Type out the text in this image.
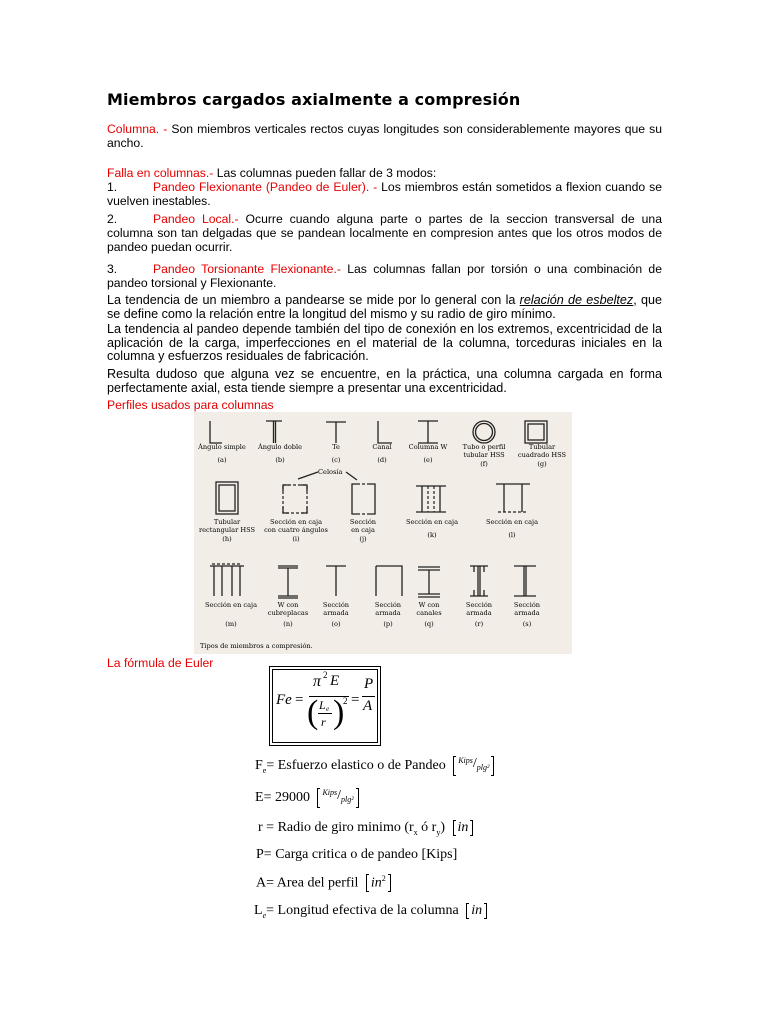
Miembros cargados axialmente a compresión
Columna. - Son miembros verticales rectos cuyas longitudes son considerablemente mayores que su ancho.
Falla en columnas.- Las columnas pueden fallar de 3 modos:
1.	Pandeo Flexionante (Pandeo de Euler). - Los miembros están sometidos a flexion cuando se vuelven inestables.
2.	Pandeo Local.- Ocurre cuando alguna parte o partes de la seccion transversal de una columna son tan delgadas que se pandean localmente en compresion antes que los otros modos de pandeo puedan ocurrir.
3.	Pandeo Torsionante Flexionante.- Las columnas fallan por torsión o una combinación de pandeo torsional y Flexionante.
La tendencia de un miembro a pandearse se mide por lo general con la relación de esbeltez, que se define como la relación entre la longitud del mismo y su radio de giro mínimo.
La tendencia al pandeo depende también del tipo de conexión en los extremos, excentricidad de la aplicación de la carga, imperfecciones en el material de la columna, torceduras iniciales en la columna y esfuerzos residuales de fabricación.
Resulta dudoso que alguna vez se encuentre, en la práctica, una columna cargada en forma perfectamente axial, esta tiende siempre a presentar una excentricidad.
Perfiles usados para columnas
Ángulo simple
(a)
Ángulo doble
(b)
Te
(c)
Canal
(d)
Columna W
(e)
Tubo o perfil
tubular HSS
(f)
Tubular
cuadrado HSS
(g)
Celosía
Tubular
rectangular HSS
(h)
Sección en caja
con cuatro ángulos
(i)
Sección
en caja
(j)
Sección en caja
(k)
Sección en caja
(l)
Sección en caja
(m)
W con
cubreplacas
(n)
Sección
armada
(o)
Sección
armada
(p)
W con
canales
(q)
Sección
armada
(r)
Sección
armada
(s)
Tipos de miembros a compresión.
La fórmula de Euler
Fe =
π 2 E
( L e
r )
2 =
P
A
$F_e=$ Esfuerzo elastico o de Pandeo $^{Kips}$/plg²
E= 29000 $^{Kips}$/plg²
r = Radio de giro minimo ($r_x$ ó $r_y$) in
P= Carga critica o de pandeo [Kips]
A= Area del perfil $in^2$
$L_e=$ Longitud efectiva de la columna in
